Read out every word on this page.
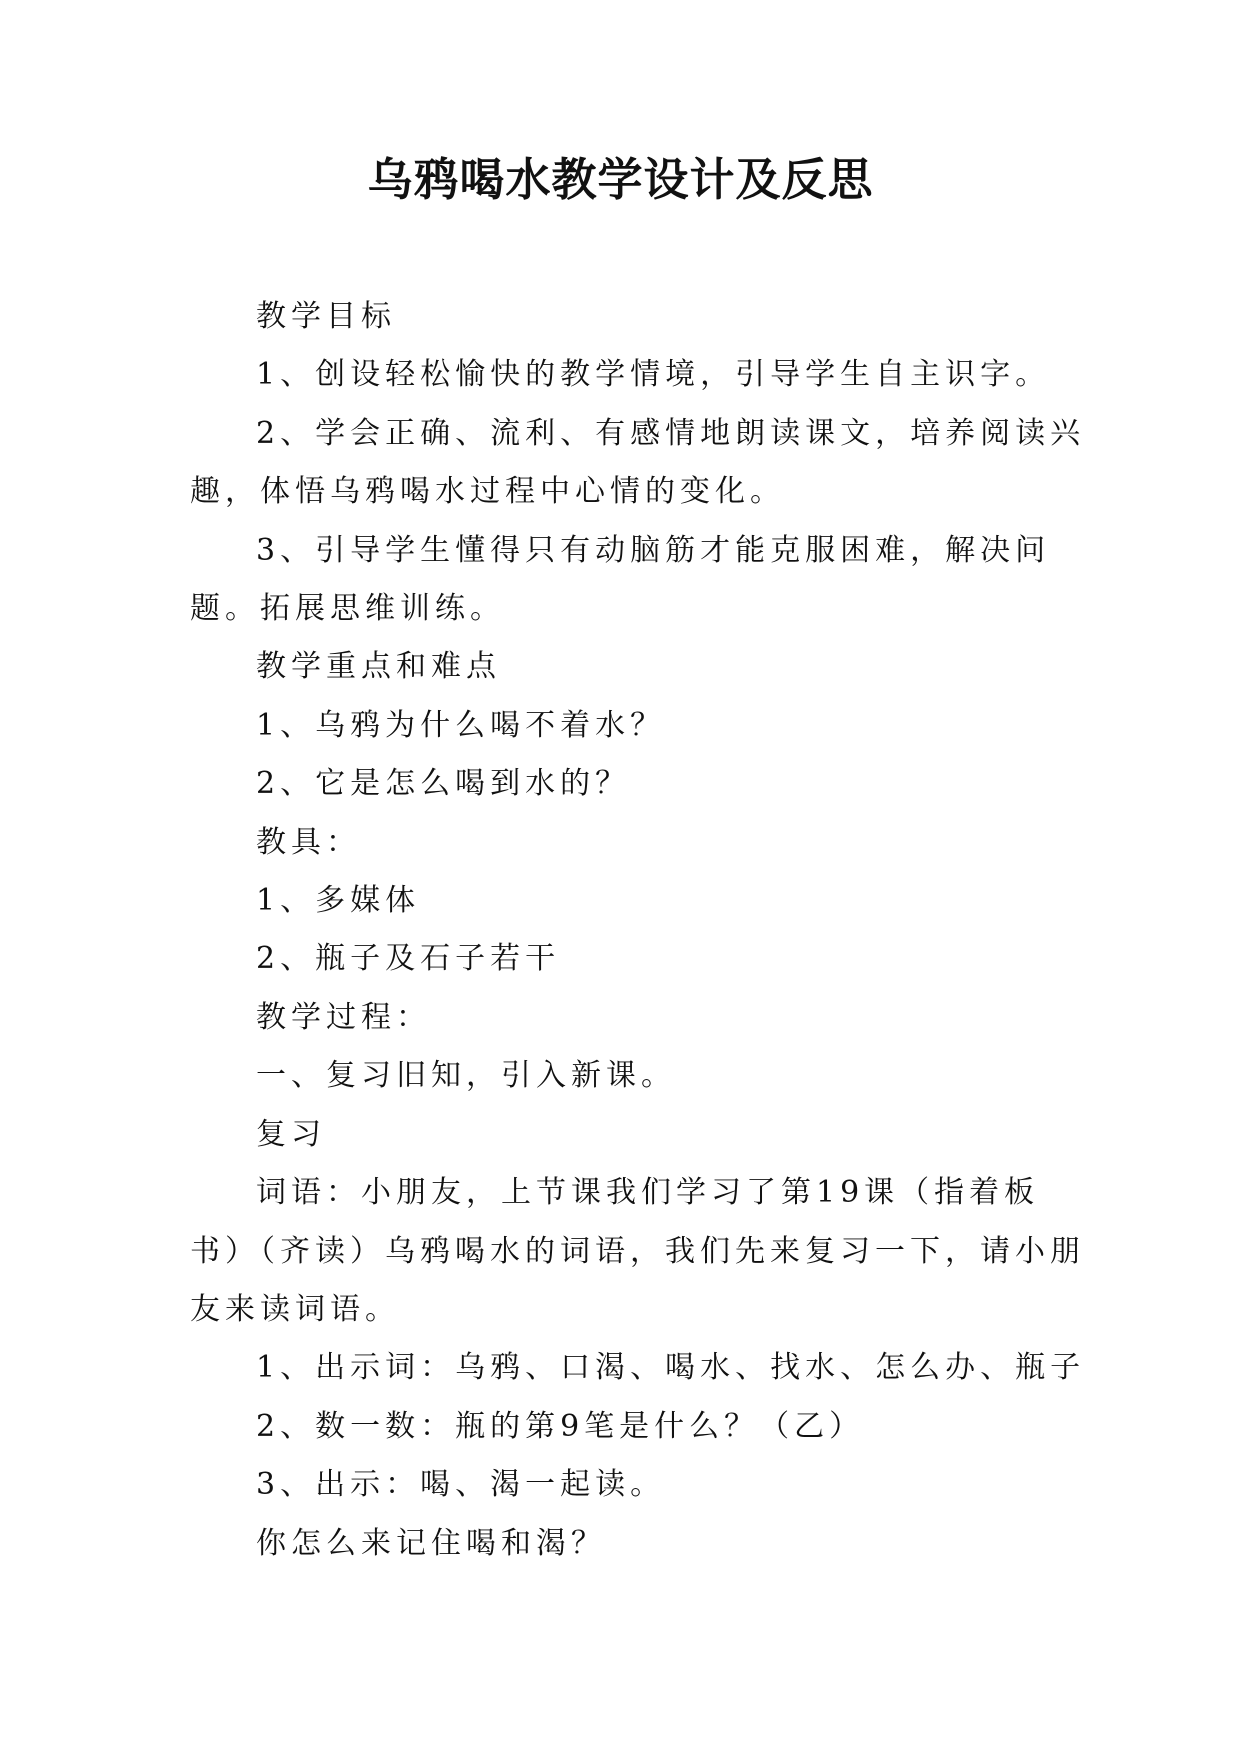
乌鸦喝水教学设计及反思

教学目标

1、创设轻松愉快的教学情境，引导学生自主识字。

2、学会正确、流利、有感情地朗读课文，培养阅读兴趣，体悟乌鸦喝水过程中心情的变化。

3、引导学生懂得只有动脑筋才能克服困难，解决问题。拓展思维训练。

教学重点和难点

1、乌鸦为什么喝不着水？

2、它是怎么喝到水的？

教具：

1、多媒体

2、瓶子及石子若干

教学过程：

一、复习旧知，引入新课。

复习

词语：小朋友，上节课我们学习了第19课（指着板书）（齐读）乌鸦喝水的词语，我们先来复习一下，请小朋友来读词语。

1、出示词：乌鸦、口渴、喝水、找水、怎么办、瓶子

2、数一数：瓶的第9笔是什么？（乙）

3、出示：喝、渴一起读。

你怎么来记住喝和渴？
